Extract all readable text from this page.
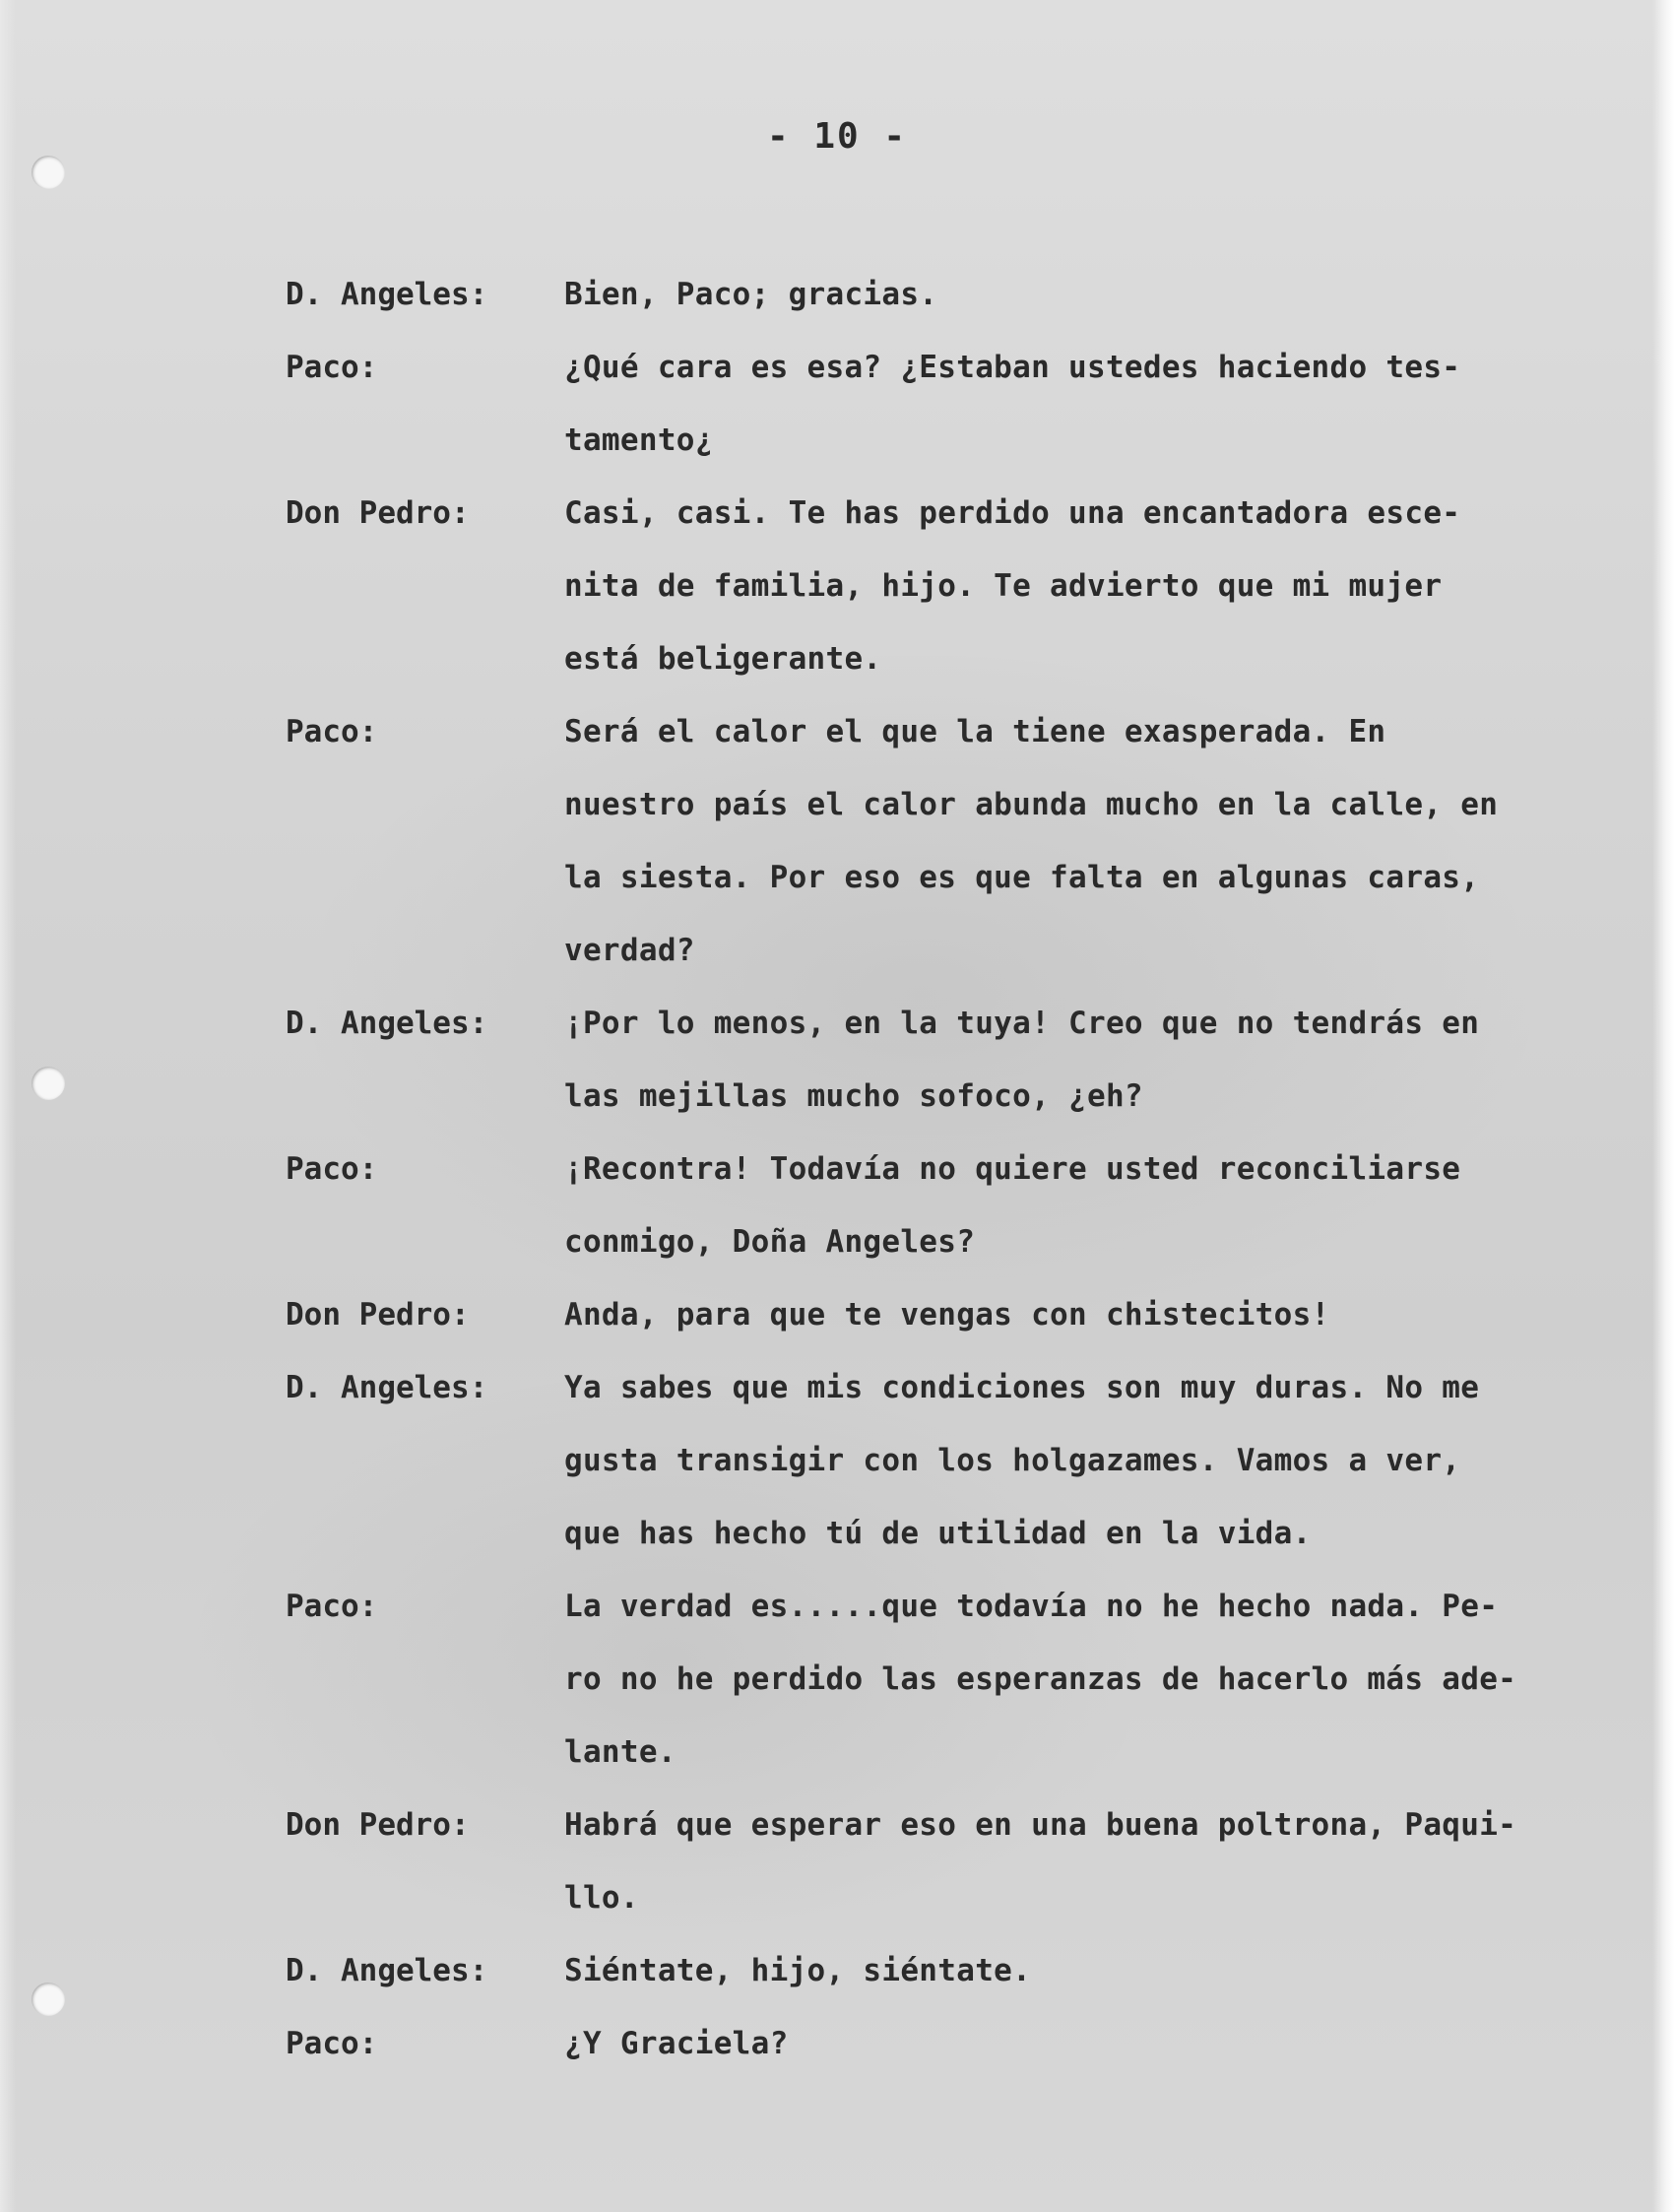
- 10 -
D. Angeles:	Bien, Paco; gracias.
Paco:	¿Qué cara es esa? ¿Estaban ustedes haciendo tes-
tamento¿
Don Pedro:	Casi, casi. Te has perdido una encantadora esce-
nita de familia, hijo. Te advierto que mi mujer
está beligerante.
Paco:	Será el calor el que la tiene exasperada. En
nuestro país el calor abunda mucho en la calle, en
la siesta. Por eso es que falta en algunas caras,
verdad?
D. Angeles:	¡Por lo menos, en la tuya! Creo que no tendrás en
las mejillas mucho sofoco, ¿eh?
Paco:	¡Recontra! Todavía no quiere usted reconciliarse
conmigo, Doña Angeles?
Don Pedro:	Anda, para que te vengas con chistecitos!
D. Angeles:	Ya sabes que mis condiciones son muy duras. No me
gusta transigir con los holgazames. Vamos a ver,
que has hecho tú de utilidad en la vida.
Paco:	La verdad es.....que todavía no he hecho nada. Pe-
ro no he perdido las esperanzas de hacerlo más ade-
lante.
Don Pedro:	Habrá que esperar eso en una buena poltrona, Paqui-
llo.
D. Angeles:	Siéntate, hijo, siéntate.
Paco:	¿Y Graciela?
